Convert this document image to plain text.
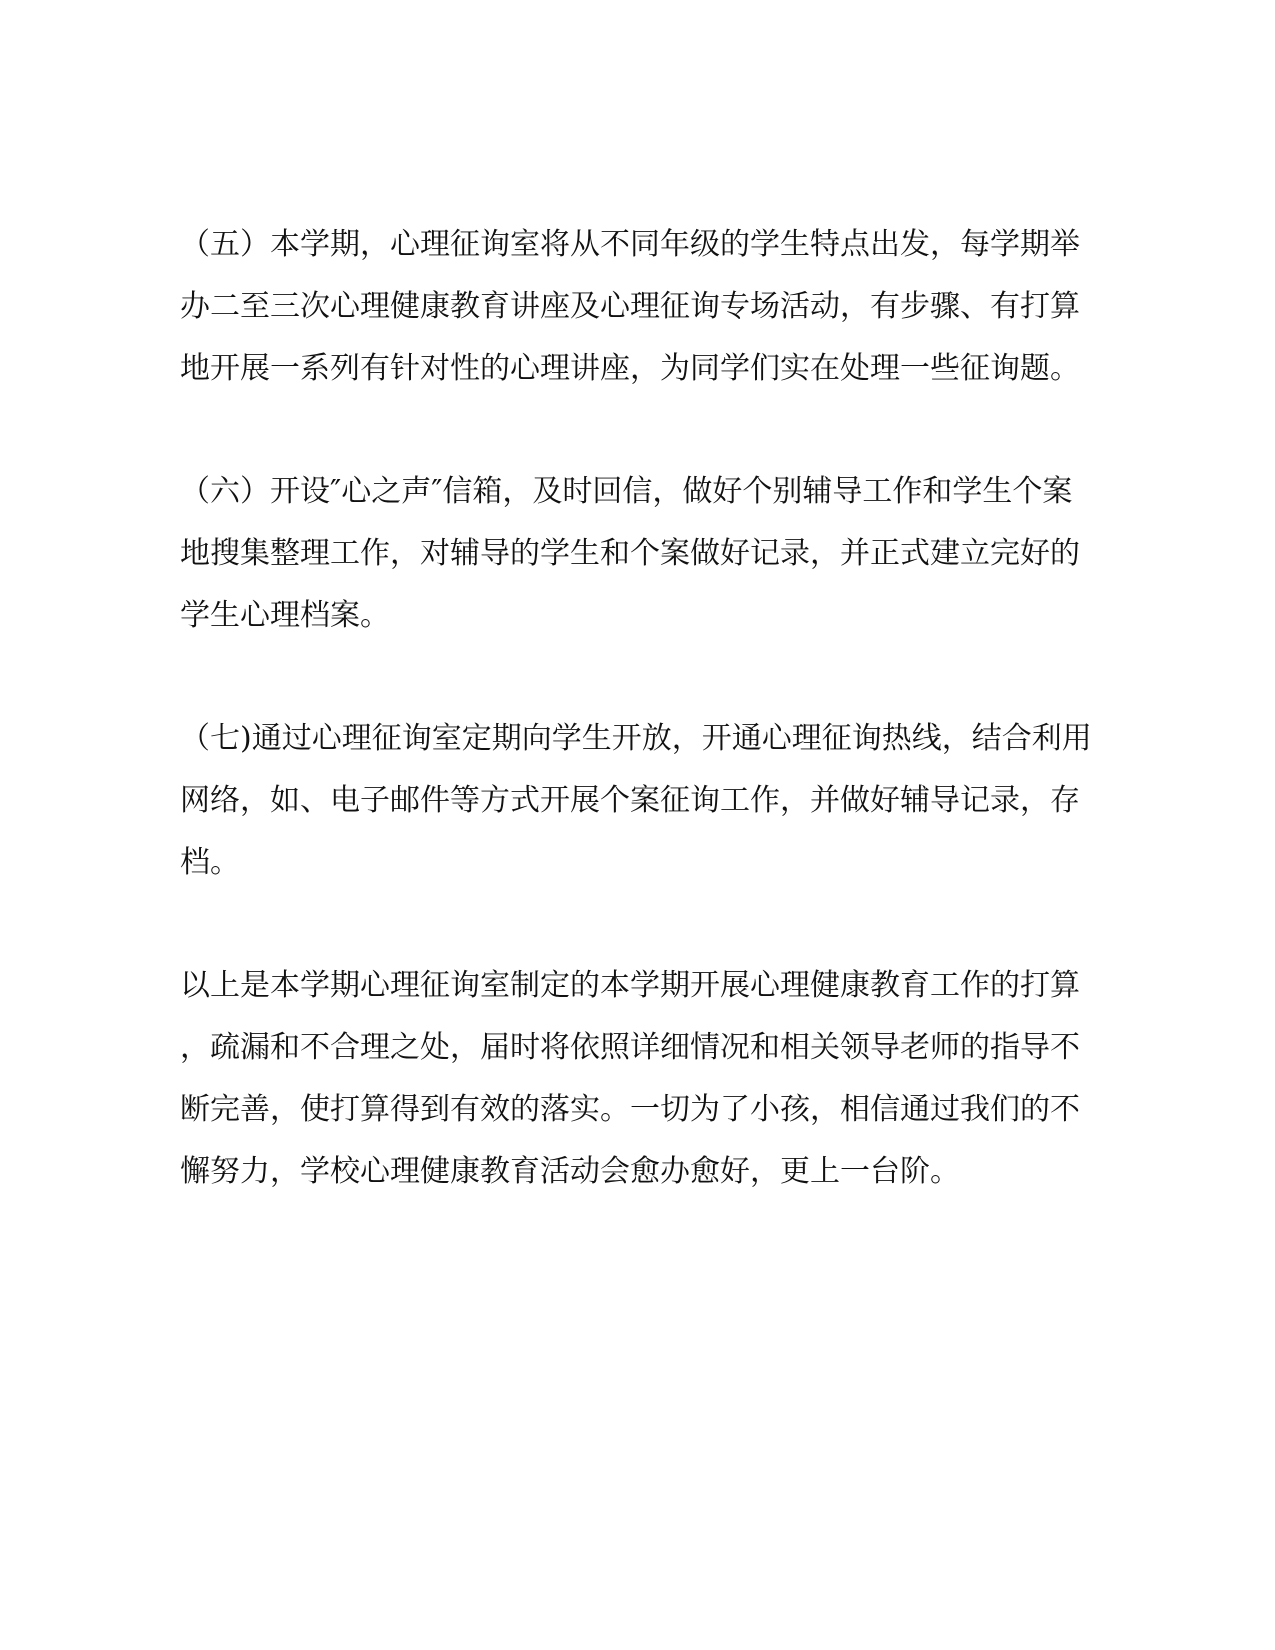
（五）本学期，心理征询室将从不同年级的学生特点出发，每学期举
办二至三次心理健康教育讲座及心理征询专场活动，有步骤、有打算
地开展一系列有针对性的心理讲座，为同学们实在处理一些征询题。
（六）开设″心之声″信箱，及时回信，做好个别辅导工作和学生个案
地搜集整理工作，对辅导的学生和个案做好记录，并正式建立完好的
学生心理档案。
（七)通过心理征询室定期向学生开放，开通心理征询热线，结合利用
网络，如、电子邮件等方式开展个案征询工作，并做好辅导记录，存
档。
以上是本学期心理征询室制定的本学期开展心理健康教育工作的打算
，疏漏和不合理之处，届时将依照详细情况和相关领导老师的指导不
断完善，使打算得到有效的落实。一切为了小孩，相信通过我们的不
懈努力，学校心理健康教育活动会愈办愈好，更上一台阶。
